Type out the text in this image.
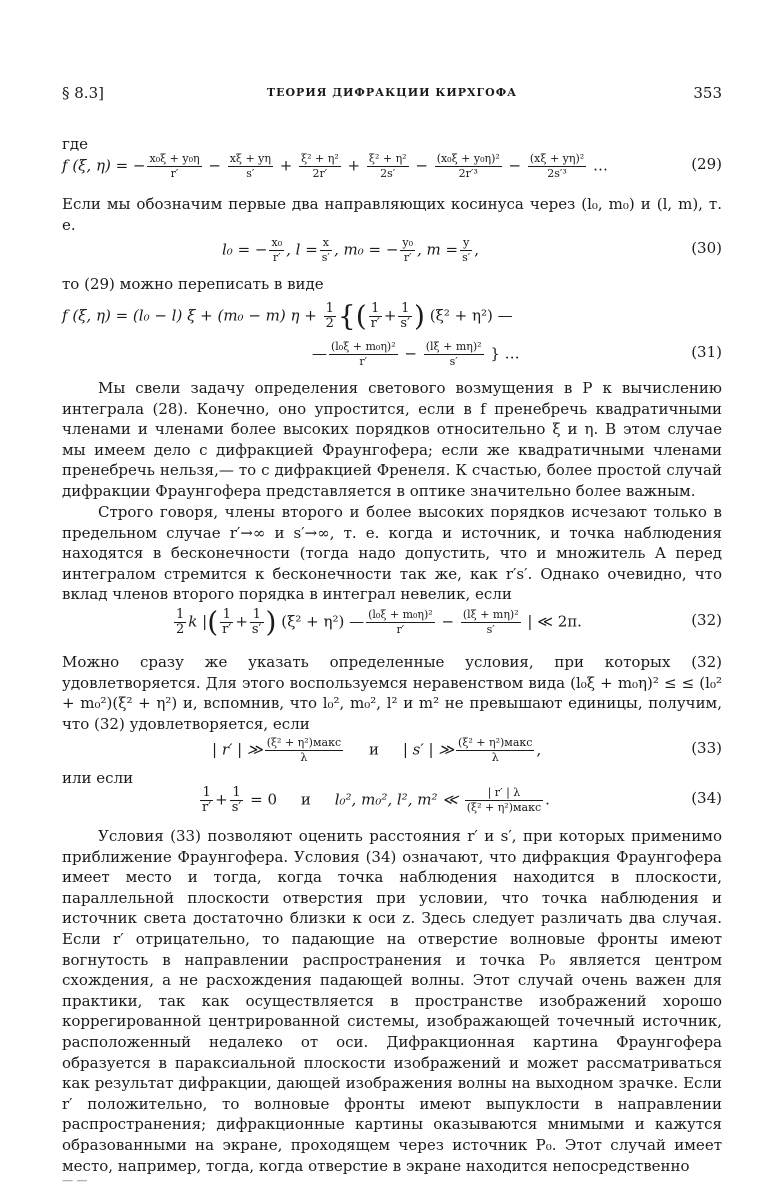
§ 8.3]	ТЕОРИЯ ДИФРАКЦИИ КИРХГОФА	353
где
f (ξ, η) = − $\frac{\text{x₀ξ + y₀η}}{r'} - \frac{x\xi + y\eta}{s'} + \frac{\text{ξ² + η²}}{2r'} + \frac{\text{ξ² + η²}}{2s'} - \frac{\text{(x₀ξ + y₀η)²}}{\text{2r′³}} - \frac{\text{(xξ + yη)²}}{\text{2s′³}}$ …	(29)
Если мы обозначим первые два направляющих косинуса через (l₀, m₀) и (l, m), т. е.
l₀ = − $\frac{\text{x₀}}{r'}$ , $l = \frac{x}{s'}$ , m₀ = − $\frac{\text{y₀}}{r'}$ , $m = \frac{y}{s'}$ ,	(30)
то (29) можно переписать в виде
f (ξ, η) = (l₀ − l) ξ + (m₀ − m) $\eta + \frac{1}{2}$ {( $\frac{1}{r'} + \frac{1}{s'}$ ) (ξ² + η²) —
— $\frac{\text{(l₀ξ + m₀η)²}}{r'} - \frac{\text{(lξ + mη)²}}{s'}$ } …	(31)
Мы свели задачу определения светового возмущения в P к вычислению интеграла (28). Конечно, оно упростится, если в f пренебречь квадратичными членами и членами более высоких порядков относительно ξ и η. В этом случае мы имеем дело с дифракцией Фраунгофера; если же квадратичными членами пренебречь нельзя,— то с дифракцией Френеля. К счастью, более простой случай дифракции Фраунгофера представляется в оптике значительно более важным.
Строго говоря, члены второго и более высоких порядков исчезают только в предельном случае r′→∞ и s′→∞, т. е. когда и источник, и точка наблюдения находятся в бесконечности (тогда надо допустить, что и множитель A перед интегралом стремится к бесконечности так же, как r′s′. Однако очевидно, что вклад членов второго порядка в интеграл невелик, если
$\frac{1}{2}$ k |( $\frac{1}{r'} + \frac{1}{s'}$ ) (ξ² + η²) — $\frac{\text{(l₀ξ + m₀η)²}}{r'} - \frac{\text{(lξ + mη)²}}{s'}$ | ≪ 2π.	(32)
Можно сразу же указать определенные условия, при которых (32) удовлетворяется. Для этого воспользуемся неравенством вида (l₀ξ + m₀η)² ≤ ≤ (l₀² + m₀²)(ξ² + η²) и, вспомнив, что l₀², m₀², l² и m² не превышают единицы, получим, что (32) удовлетворяется, если
| r′ | ≫ $\frac{\text{(ξ² + η²)макс}}{\lambda}$ и | s′ | ≫ $\frac{\text{(ξ² + η²)макс}}{\lambda}$ ,	(33)
или если
$\frac{1}{r'} + \frac{1}{s'} = 0$ и l₀², m₀², l², m² ≪ $\frac{| r' | \lambda}{\text{(ξ² + η²)макс}}$ .	(34)
Условия (33) позволяют оценить расстояния r′ и s′, при которых применимо приближение Фраунгофера. Условия (34) означают, что дифракция Фраунгофера имеет место и тогда, когда точка наблюдения находится в плоскости, параллельной плоскости отверстия при условии, что точка наблюдения и источник света достаточно близки к оси z. Здесь следует различать два случая. Если r′ отрицательно, то падающие на отверстие волновые фронты имеют вогнутость в направлении распространения и точка P₀ является центром схождения, а не расхождения падающей волны. Этот случай очень важен для практики, так как осуществляется в пространстве изображений хорошо коррегированной центрированной системы, изображающей точечный источник, расположенный недалеко от оси. Дифракционная картина Фраунгофера образуется в параксиальной плоскости изображений и может рассматриваться как результат дифракции, дающей изображения волны на выходном зрачке. Если r′ положительно, то волновые фронты имеют выпуклости в направлении распространения; дифракционные картины оказываются мнимыми и кажутся образованными на экране, проходящем через источник P₀. Этот случай имеет место, например, тогда, когда отверстие в экране находится непосредственно
— —
